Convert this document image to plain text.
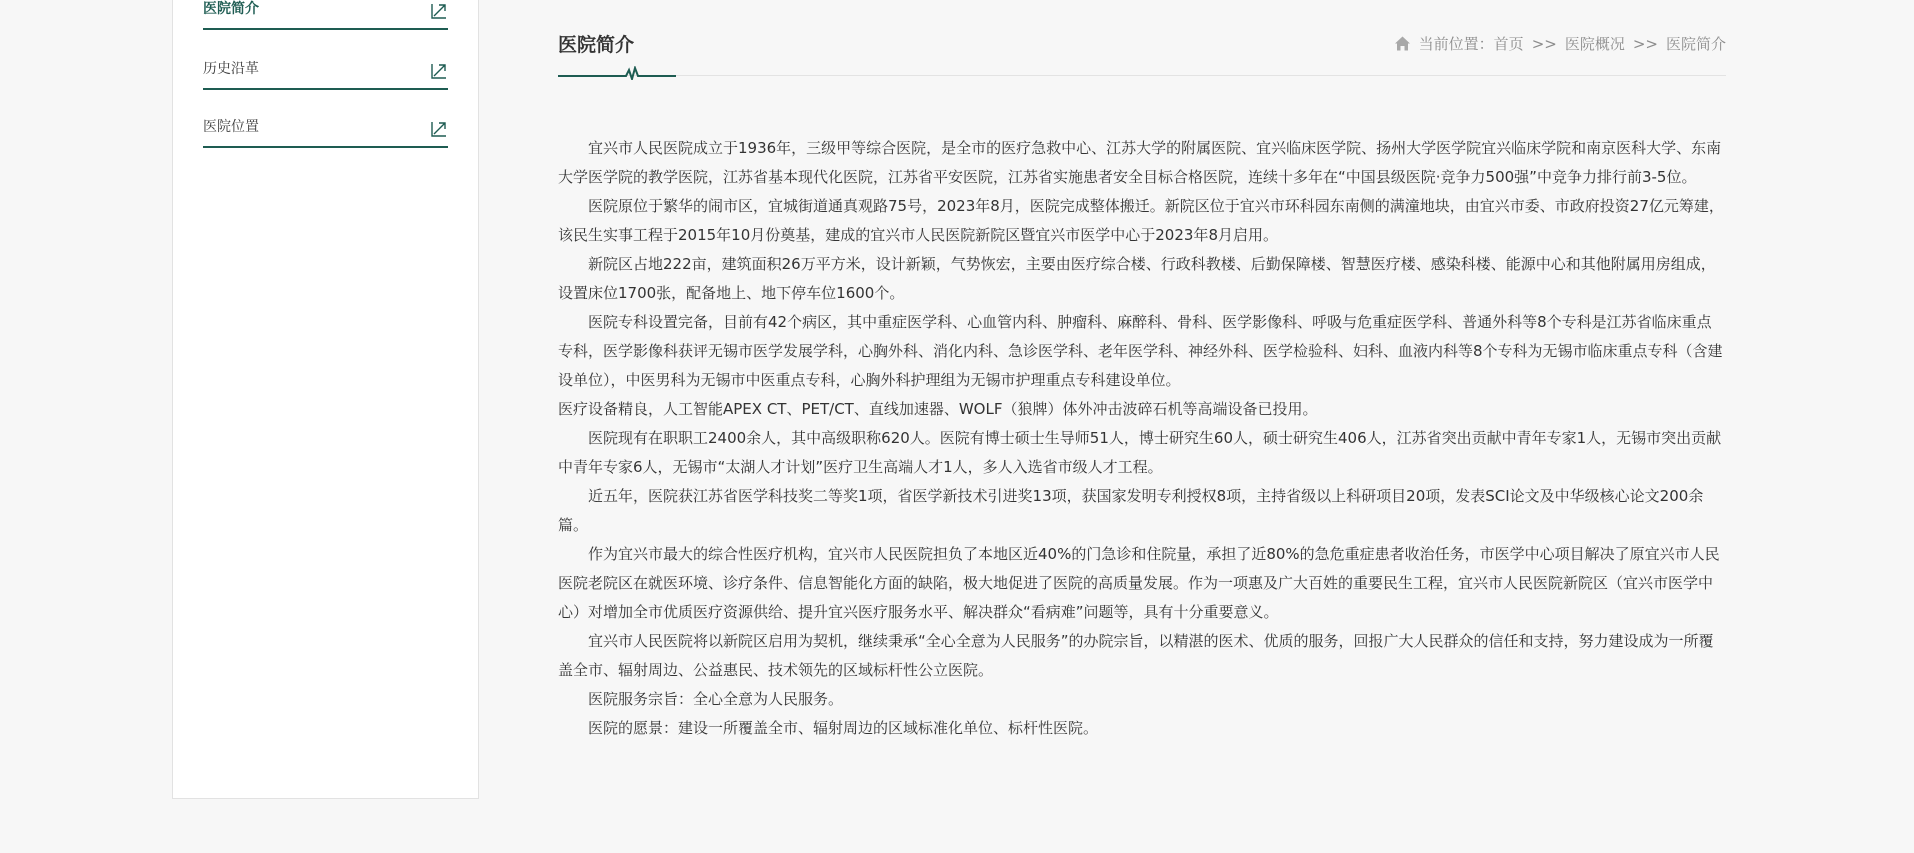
医院简介
历史沿革
医院位置
医院简介	当前位置： 首页 >> 医院概况 >> 医院简介

宜兴市人民医院成立于1936年，三级甲等综合医院，是全市的医疗急救中心、江苏大学的附属医院、宜兴临床医学院、扬州大学医学院宜兴临床学院和南京医科大学、东南大学医学院的教学医院，江苏省基本现代化医院，江苏省平安医院，江苏省实施患者安全目标合格医院，连续十多年在“中国县级医院·竞争力500强”中竞争力排行前3-5位。

医院原位于繁华的闹市区，宜城街道通真观路75号，2023年8月，医院完成整体搬迁。新院区位于宜兴市环科园东南侧的满潼地块，由宜兴市委、市政府投资27亿元筹建，该民生实事工程于2015年10月份奠基，建成的宜兴市人民医院新院区暨宜兴市医学中心于2023年8月启用。

新院区占地222亩，建筑面积26万平方米，设计新颖，气势恢宏，主要由医疗综合楼、行政科教楼、后勤保障楼、智慧医疗楼、感染科楼、能源中心和其他附属用房组成，设置床位1700张，配备地上、地下停车位1600个。

医院专科设置完备，目前有42个病区，其中重症医学科、心血管内科、肿瘤科、麻醉科、骨科、医学影像科、呼吸与危重症医学科、普通外科等8个专科是江苏省临床重点专科，医学影像科获评无锡市医学发展学科，心胸外科、消化内科、急诊医学科、老年医学科、神经外科、医学检验科、妇科、血液内科等8个专科为无锡市临床重点专科（含建设单位），中医男科为无锡市中医重点专科，心胸外科护理组为无锡市护理重点专科建设单位。

医疗设备精良，人工智能APEX CT、PET/CT、直线加速器、WOLF（狼牌）体外冲击波碎石机等高端设备已投用。

医院现有在职职工2400余人，其中高级职称620人。医院有博士硕士生导师51人，博士研究生60人，硕士研究生406人，江苏省突出贡献中青年专家1人，无锡市突出贡献中青年专家6人，无锡市“太湖人才计划”医疗卫生高端人才1人，多人入选省市级人才工程。

近五年，医院获江苏省医学科技奖二等奖1项，省医学新技术引进奖13项，获国家发明专利授权8项，主持省级以上科研项目20项，发表SCI论文及中华级核心论文200余篇。

作为宜兴市最大的综合性医疗机构，宜兴市人民医院担负了本地区近40%的门急诊和住院量，承担了近80%的急危重症患者收治任务，市医学中心项目解决了原宜兴市人民医院老院区在就医环境、诊疗条件、信息智能化方面的缺陷，极大地促进了医院的高质量发展。作为一项惠及广大百姓的重要民生工程，宜兴市人民医院新院区（宜兴市医学中心）对增加全市优质医疗资源供给、提升宜兴医疗服务水平、解决群众“看病难”问题等，具有十分重要意义。

宜兴市人民医院将以新院区启用为契机，继续秉承“全心全意为人民服务”的办院宗旨，以精湛的医术、优质的服务，回报广大人民群众的信任和支持，努力建设成为一所覆盖全市、辐射周边、公益惠民、技术领先的区域标杆性公立医院。

医院服务宗旨：全心全意为人民服务。

医院的愿景：建设一所覆盖全市、辐射周边的区域标准化单位、标杆性医院。
